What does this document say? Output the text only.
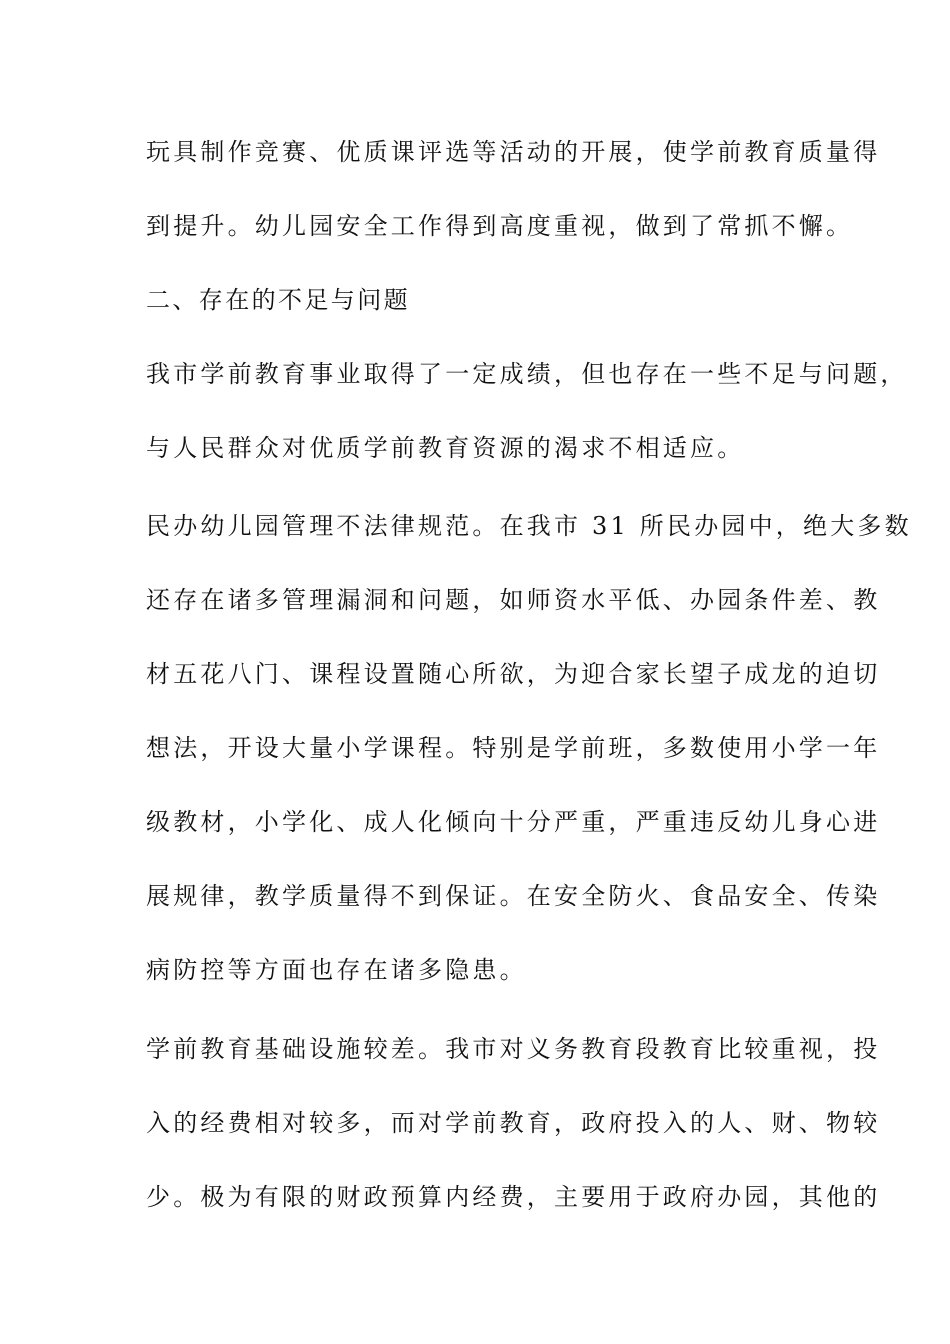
玩具制作竞赛、优质课评选等活动的开展，使学前教育质量得
到提升。幼儿园安全工作得到高度重视，做到了常抓不懈。
二、存在的不足与问题
我市学前教育事业取得了一定成绩，但也存在一些不足与问题，
与人民群众对优质学前教育资源的渴求不相适应。
民办幼儿园管理不法律规范。在我市 31 所民办园中，绝大多数
还存在诸多管理漏洞和问题，如师资水平低、办园条件差、教
材五花八门、课程设置随心所欲，为迎合家长望子成龙的迫切
想法，开设大量小学课程。特别是学前班，多数使用小学一年
级教材，小学化、成人化倾向十分严重，严重违反幼儿身心进
展规律，教学质量得不到保证。在安全防火、食品安全、传染
病防控等方面也存在诸多隐患。
学前教育基础设施较差。我市对义务教育段教育比较重视，投
入的经费相对较多，而对学前教育，政府投入的人、财、物较
少。极为有限的财政预算内经费，主要用于政府办园，其他的
